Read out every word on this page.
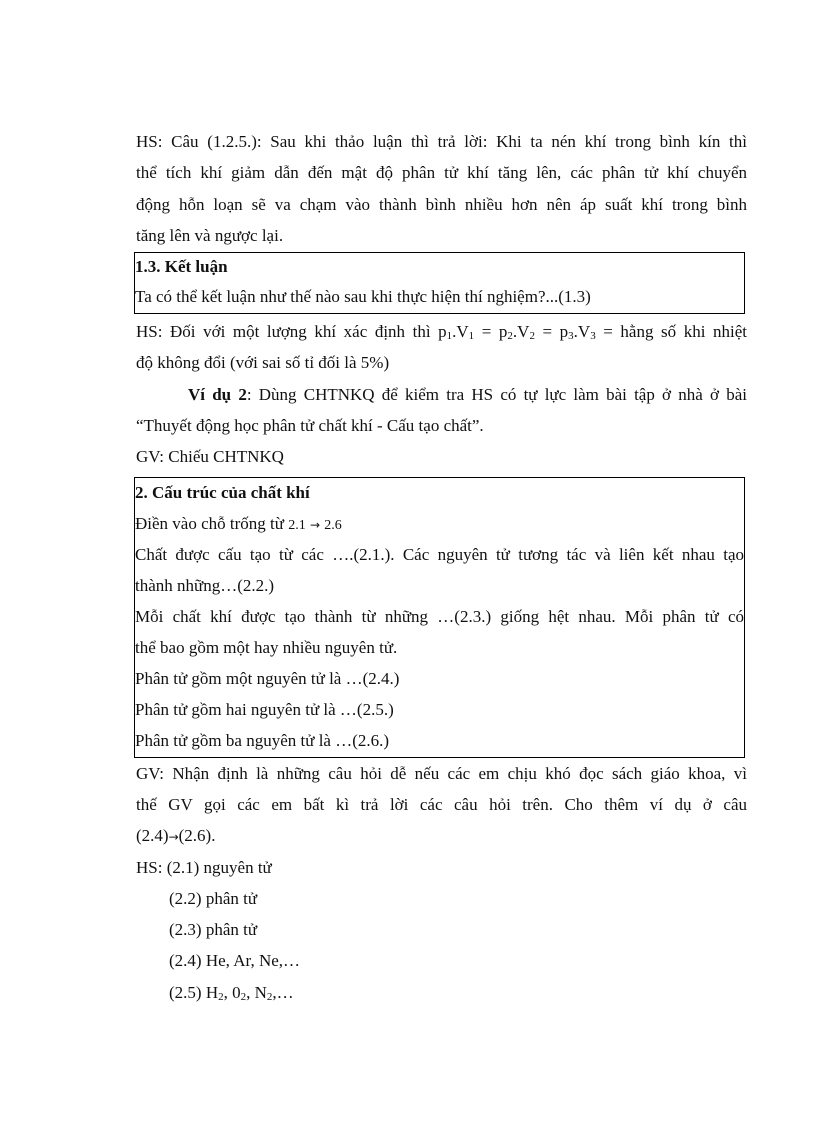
HS: Câu (1.2.5.): Sau khi thảo luận thì trả lời: Khi ta nén khí trong bình kín thì
thể tích khí giảm dẫn đến mật độ phân tử khí tăng lên, các phân tử khí chuyển
động hỗn loạn sẽ va chạm vào thành bình nhiều hơn nên áp suất khí trong bình
tăng lên và ngược lại.
1.3. Kết luận
Ta có thể kết luận như thế nào sau khi thực hiện thí nghiệm?...(1.3)
HS: Đối với một lượng khí xác định thì $p_1.V_1 = p_2.V_2 = p_3.V_3$ = hằng số khi nhiệt
độ không đổi (với sai số tỉ đối là 5%)
Ví dụ 2: Dùng CHTNKQ để kiểm tra HS có tự lực làm bài tập ở nhà ở bài
“Thuyết động học phân tử chất khí - Cấu tạo chất”.
GV: Chiếu CHTNKQ
2. Cấu trúc của chất khí
Điền vào chỗ trống từ 2.1 → 2.6
Chất được cấu tạo từ các ….(2.1.). Các nguyên tử tương tác và liên kết nhau tạo
thành những…(2.2.)
Mỗi chất khí được tạo thành từ những …(2.3.) giống hệt nhau. Mỗi phân tử có
thể bao gồm một hay nhiều nguyên tử.
Phân tử gồm một nguyên tử là …(2.4.)
Phân tử gồm hai nguyên tử là …(2.5.)
Phân tử gồm ba nguyên tử là …(2.6.)
GV: Nhận định là những câu hỏi dễ nếu các em chịu khó đọc sách giáo khoa, vì
thế GV gọi các em bất kì trả lời các câu hỏi trên. Cho thêm ví dụ ở câu
(2.4)→(2.6).
HS: (2.1) nguyên tử
(2.2) phân tử
(2.3) phân tử
(2.4) He, Ar, Ne,…
(2.5) $H_2$, $0_2$, $N_2,\dots$
